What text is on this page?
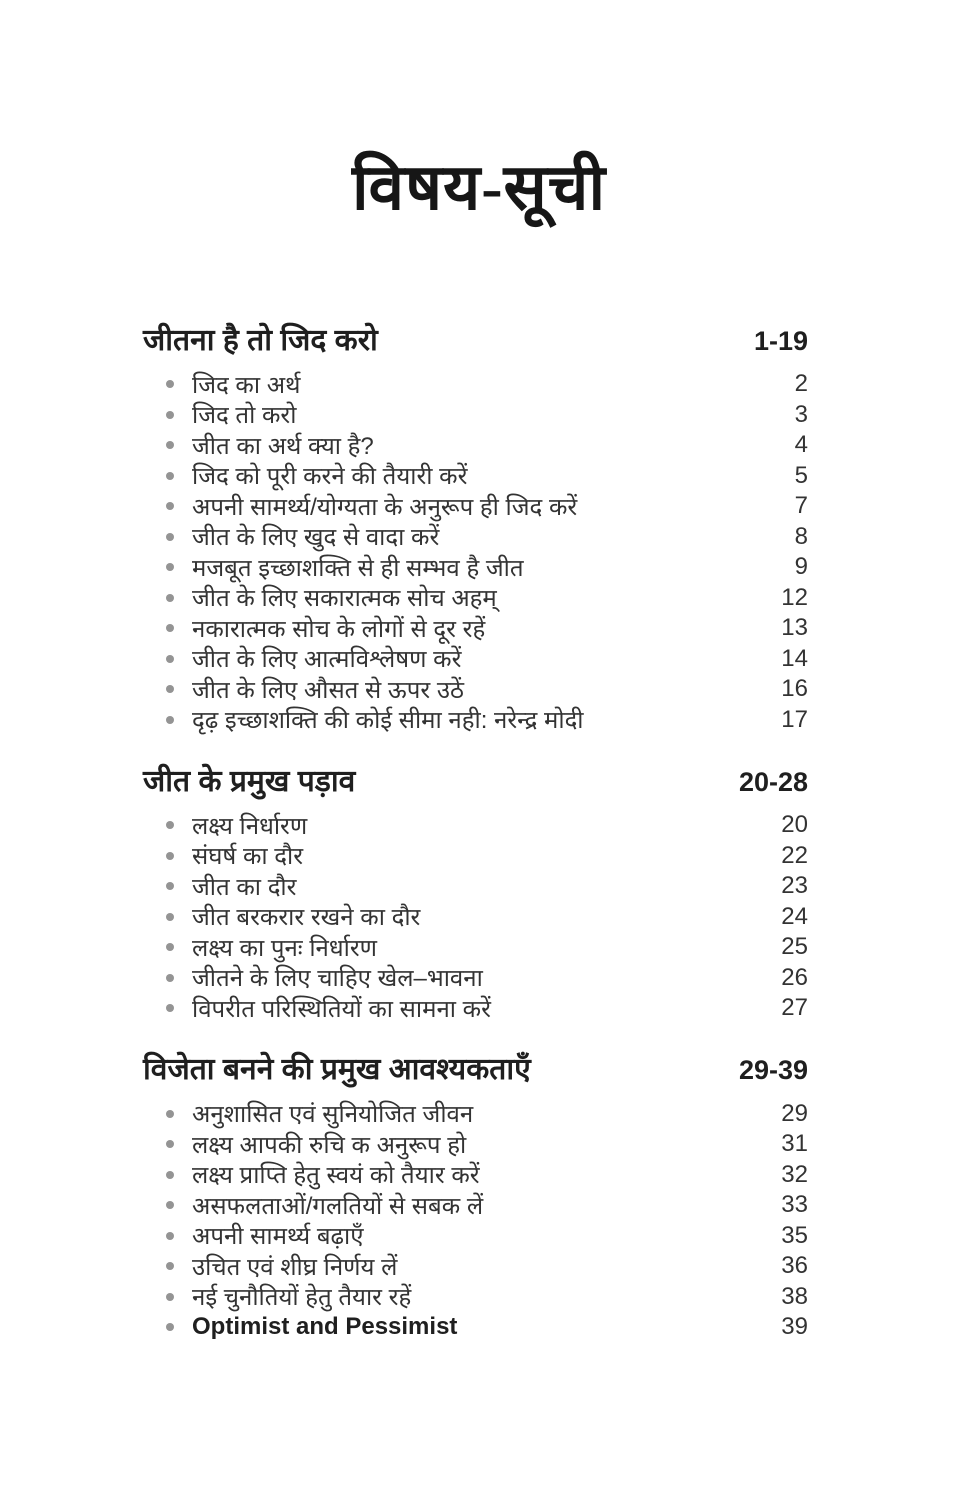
विषय-सूची
जीतना है तो जिद करो	1-19
जिद का अर्थ	2
जिद तो करो	3
जीत का अर्थ क्या है?	4
जिद को पूरी करने की तैयारी करें	5
अपनी सामर्थ्य/योग्यता के अनुरूप ही जिद करें	7
जीत के लिए खुद से वादा करें	8
मजबूत इच्छाशक्ति से ही सम्भव है जीत	9
जीत के लिए सकारात्मक सोच अहम्	12
नकारात्मक सोच के लोगों से दूर रहें	13
जीत के लिए आत्मविश्लेषण करें	14
जीत के लिए औसत से ऊपर उठें	16
दृढ़ इच्छाशक्ति की कोई सीमा नही: नरेन्द्र मोदी	17
जीत के प्रमुख पड़ाव	20-28
लक्ष्य निर्धारण	20
संघर्ष का दौर	22
जीत का दौर	23
जीत बरकरार रखने का दौर	24
लक्ष्य का पुनः निर्धारण	25
जीतने के लिए चाहिए खेल–भावना	26
विपरीत परिस्थितियों का सामना करें	27
विजेता बनने की प्रमुख आवश्यकताएँ	29-39
अनुशासित एवं सुनियोजित जीवन	29
लक्ष्य आपकी रुचि क अनुरूप हो	31
लक्ष्य प्राप्ति हेतु स्वयं को तैयार करें	32
असफलताओं/गलतियों से सबक लें	33
अपनी सामर्थ्य बढ़ाएँ	35
उचित एवं शीघ्र निर्णय लें	36
नई चुनौतियों हेतु तैयार रहें	38
Optimist and Pessimist	39
